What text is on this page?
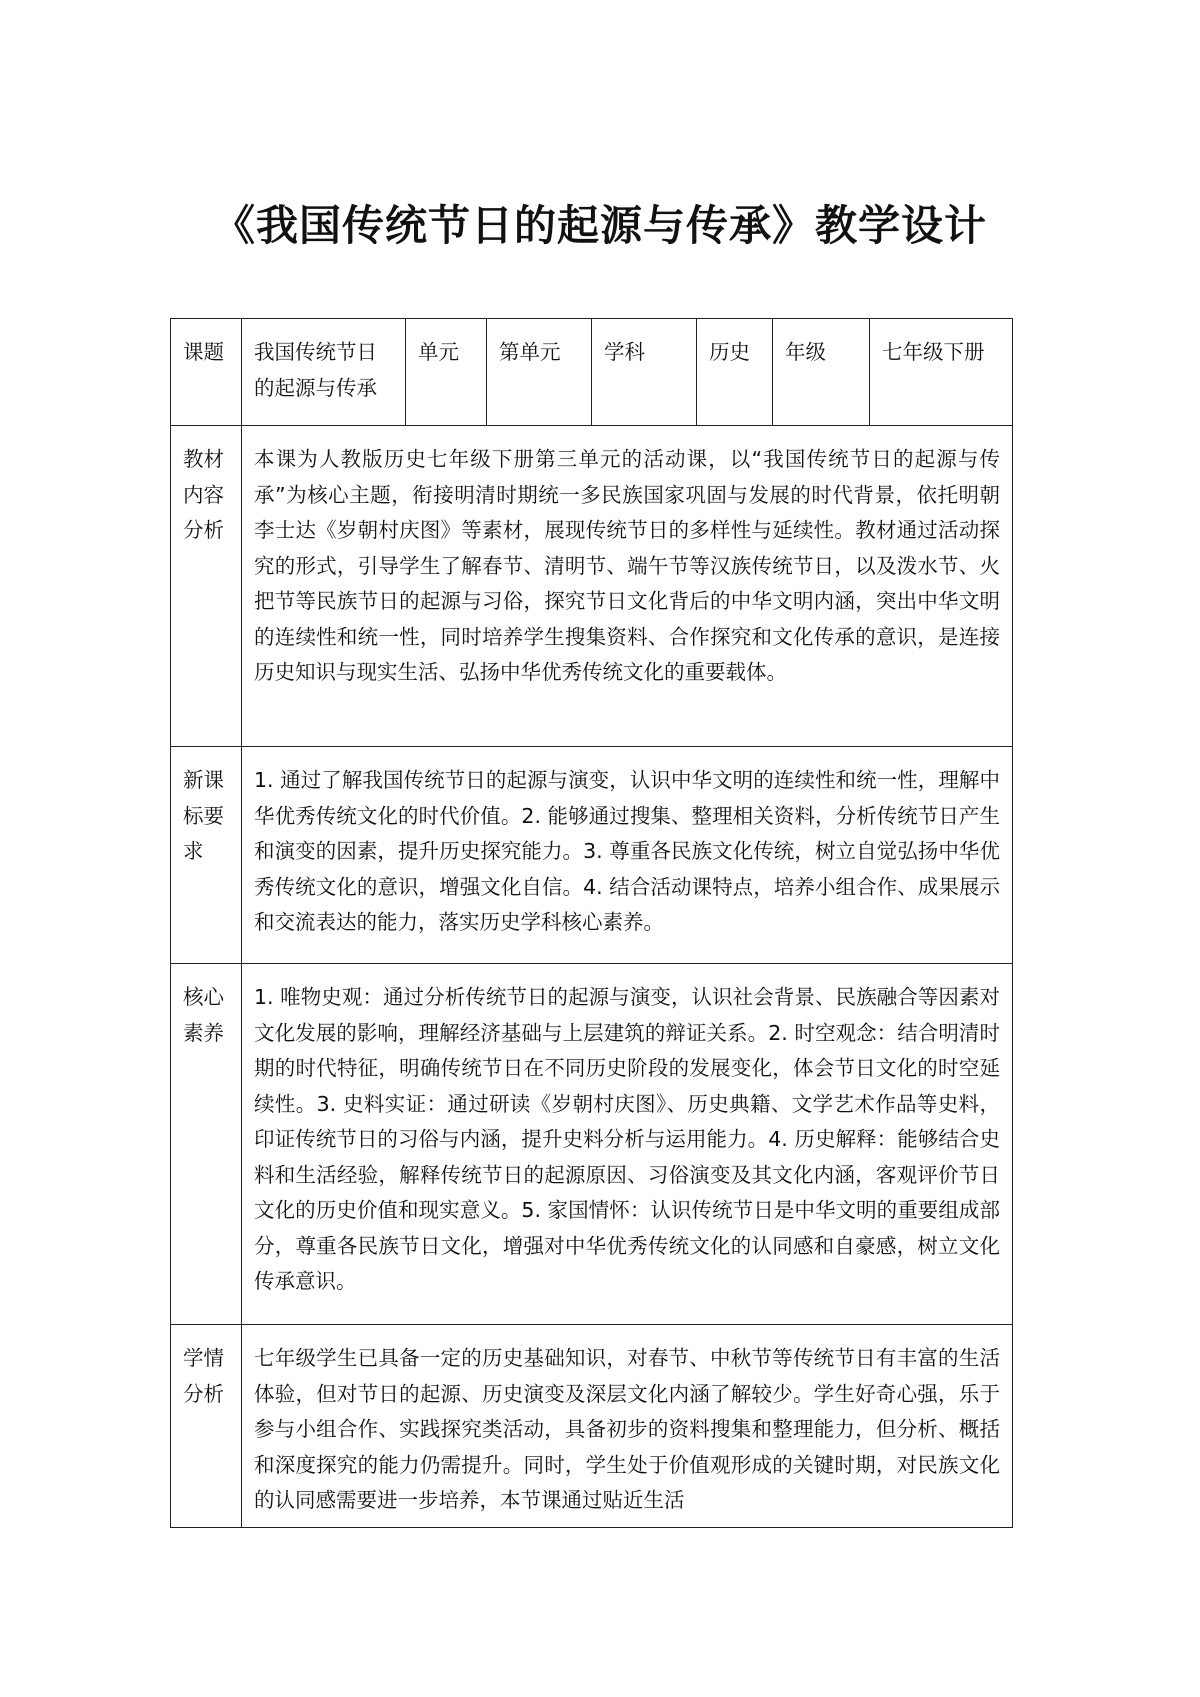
《我国传统节日的起源与传承》教学设计
课题	我国传统节日的起源与传承	单元	第单元	学科	历史	年级	七年级下册
教材内容分析	本课为人教版历史七年级下册第三单元的活动课，以“我国传统节日的起源与传承”为核心主题，衔接明清时期统一多民族国家巩固与发展的时代背景，依托明朝李士达《岁朝村庆图》等素材，展现传统节日的多样性与延续性。教材通过活动探究的形式，引导学生了解春节、清明节、端午节等汉族传统节日，以及泼水节、火把节等民族节日的起源与习俗，探究节日文化背后的中华文明内涵，突出中华文明的连续性和统一性，同时培养学生搜集资料、合作探究和文化传承的意识，是连接历史知识与现实生活、弘扬中华优秀传统文化的重要载体。						
新课标要求	1. 通过了解我国传统节日的起源与演变，认识中华文明的连续性和统一性，理解中华优秀传统文化的时代价值。2. 能够通过搜集、整理相关资料，分析传统节日产生和演变的因素，提升历史探究能力。3. 尊重各民族文化传统，树立自觉弘扬中华优秀传统文化的意识，增强文化自信。4. 结合活动课特点，培养小组合作、成果展示和交流表达的能力，落实历史学科核心素养。						
核心素养	1. 唯物史观：通过分析传统节日的起源与演变，认识社会背景、民族融合等因素对文化发展的影响，理解经济基础与上层建筑的辩证关系。2. 时空观念：结合明清时期的时代特征，明确传统节日在不同历史阶段的发展变化，体会节日文化的时空延续性。3. 史料实证：通过研读《岁朝村庆图》、历史典籍、文学艺术作品等史料，印证传统节日的习俗与内涵，提升史料分析与运用能力。4. 历史解释：能够结合史料和生活经验，解释传统节日的起源原因、习俗演变及其文化内涵，客观评价节日文化的历史价值和现实意义。5. 家国情怀：认识传统节日是中华文明的重要组成部分，尊重各民族节日文化，增强对中华优秀传统文化的认同感和自豪感，树立文化传承意识。						
学情分析	七年级学生已具备一定的历史基础知识，对春节、中秋节等传统节日有丰富的生活体验，但对节日的起源、历史演变及深层文化内涵了解较少。学生好奇心强，乐于参与小组合作、实践探究类活动，具备初步的资料搜集和整理能力，但分析、概括和深度探究的能力仍需提升。同时，学生处于价值观形成的关键时期，对民族文化的认同感需要进一步培养，本节课通过贴近生活						
